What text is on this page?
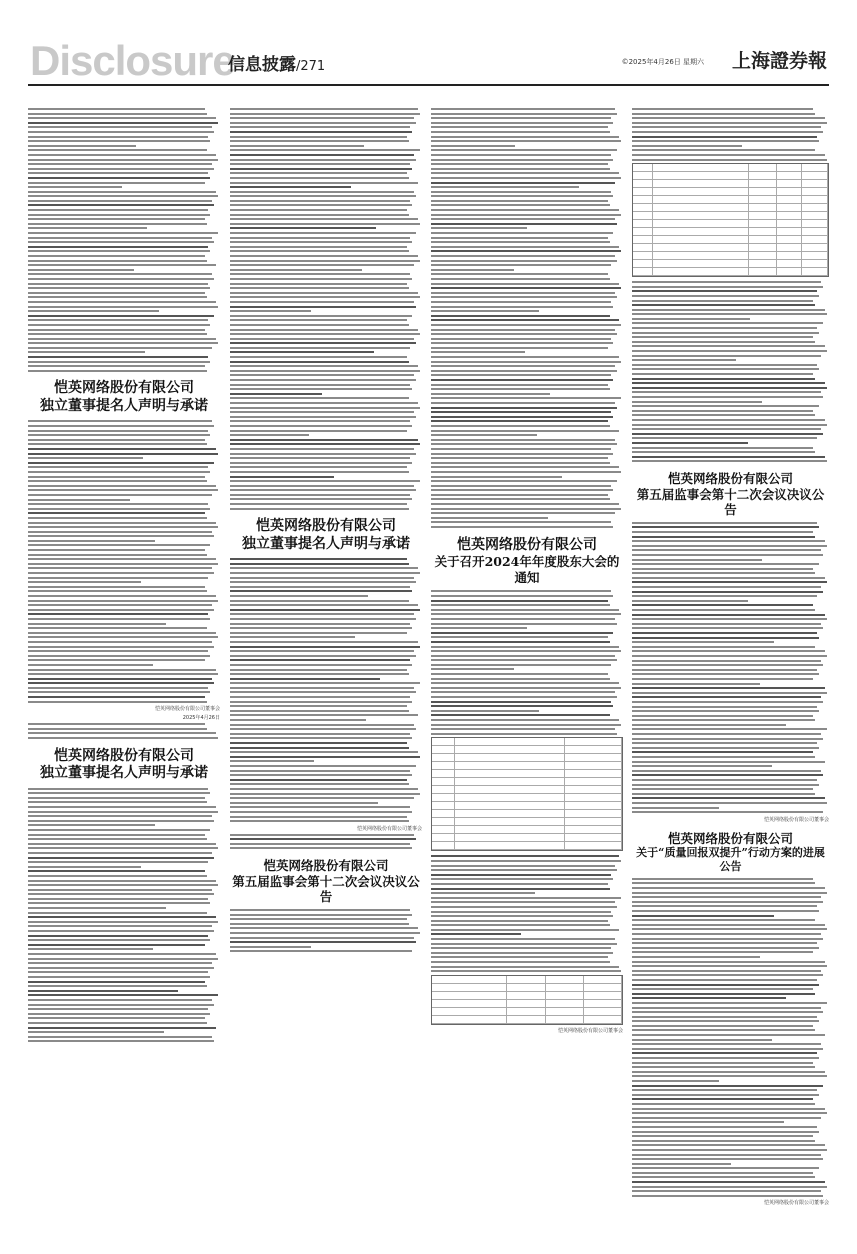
Disclosure
信息披露/271	©2025年4月26日 星期六 上海證券報
恺英网络股份有限公司
独立董事提名人声明与承诺
恺英网络股份有限公司董事会
2025年4月26日
恺英网络股份有限公司
独立董事提名人声明与承诺
恺英网络股份有限公司
独立董事提名人声明与承诺
恺英网络股份有限公司董事会
恺英网络股份有限公司
第五届监事会第十二次会议决议公告
恺英网络股份有限公司
关于召开2024年年度股东大会的通知
恺英网络股份有限公司董事会
恺英网络股份有限公司
第五届监事会第十二次会议决议公告
恺英网络股份有限公司董事会
恺英网络股份有限公司
关于“质量回报双提升”行动方案的进展公告
恺英网络股份有限公司董事会
